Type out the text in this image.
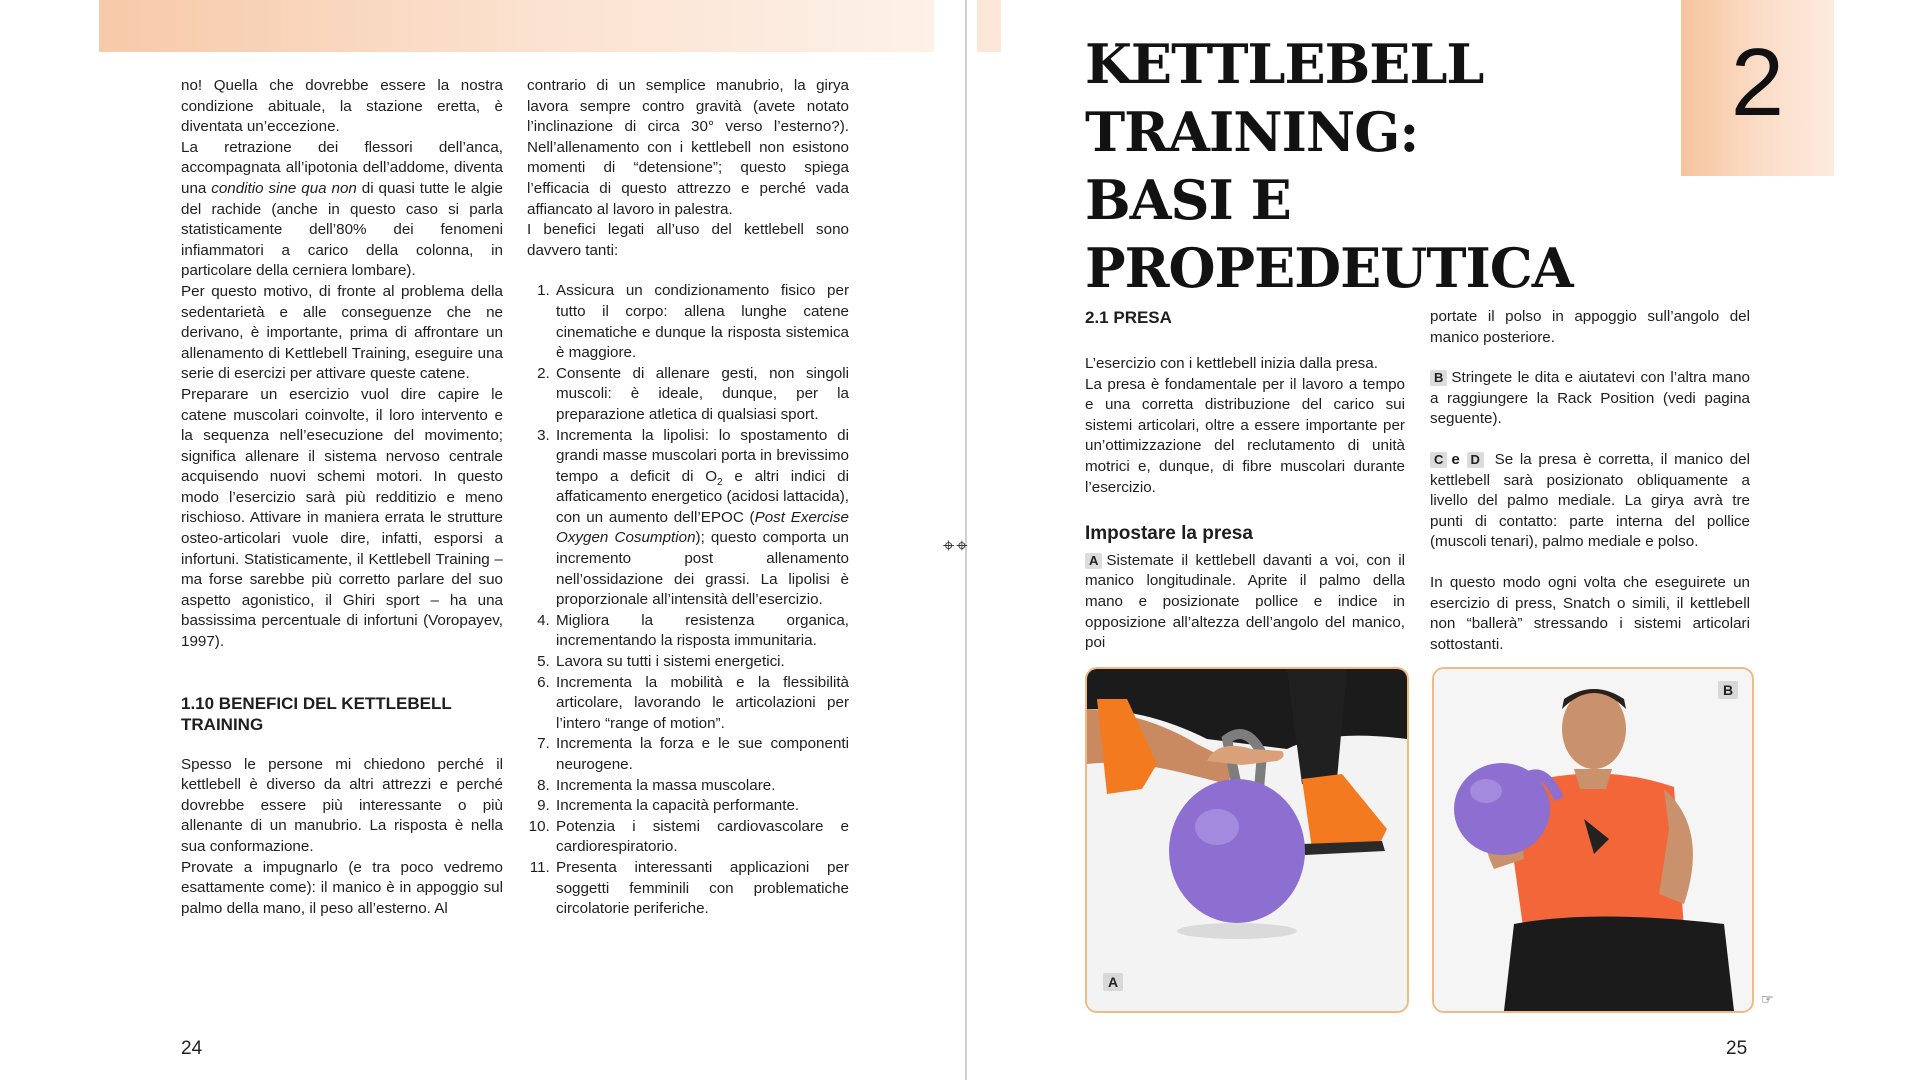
⌖⌖

no! Quella che dovrebbe essere la nostra condizione abituale, la stazione eretta, è diventata un’eccezione.

La retrazione dei flessori dell’anca, accompagnata all’ipotonia dell’addome, diventa una conditio sine qua non di quasi tutte le algie del rachide (anche in questo caso si parla statisticamente dell’80% dei fenomeni infiammatori a carico della colonna, in particolare della cerniera lombare).

Per questo motivo, di fronte al problema della sedentarietà e alle conseguenze che ne derivano, è importante, prima di affrontare un allenamento di Kettlebell Training, eseguire una serie di esercizi per attivare queste catene.

Preparare un esercizio vuol dire capire le catene muscolari coinvolte, il loro intervento e la sequenza nell’esecuzione del movimento; significa allenare il sistema nervoso centrale acquisendo nuovi schemi motori. In questo modo l’esercizio sarà più redditizio e meno rischioso. Attivare in maniera errata le strutture osteo-articolari vuole dire, infatti, esporsi a infortuni. Statisticamente, il Kettlebell Training – ma forse sarebbe più corretto parlare del suo aspetto agonistico, il Ghiri sport – ha una bassissima percentuale di infortuni (Voropayev, 1997).

1.10 BENEFICI DEL KETTLEBELL TRAINING

Spesso le persone mi chiedono perché il kettlebell è diverso da altri attrezzi e perché dovrebbe essere più interessante o più allenante di un manubrio. La risposta è nella sua conformazione.

Provate a impugnarlo (e tra poco vedremo esattamente come): il manico è in appoggio sul palmo della mano, il peso all’esterno. Al

contrario di un semplice manubrio, la girya lavora sempre contro gravità (avete notato l’inclinazione di circa 30° verso l’esterno?). Nell’allenamento con i kettlebell non esistono momenti di “detensione”; questo spiega l’efficacia di questo attrezzo e perché vada affiancato al lavoro in palestra.

I benefici legati all’uso del kettlebell sono davvero tanti:

1. Assicura un condizionamento fisico per tutto il corpo: allena lunghe catene cinematiche e dunque la risposta sistemica è maggiore.
2. Consente di allenare gesti, non singoli muscoli: è ideale, dunque, per la preparazione atletica di qualsiasi sport.
3. Incrementa la lipolisi: lo spostamento di grandi masse muscolari porta in brevissimo tempo a deficit di $O_2$ e altri indici di affaticamento energetico (acidosi lattacida), con un aumento dell’EPOC (Post Exercise Oxygen Cosumption); questo comporta un incremento post allenamento nell’ossidazione dei grassi. La lipolisi è proporzionale all’intensità dell’esercizio.
4. Migliora la resistenza organica, incrementando la risposta immunitaria.
5. Lavora su tutti i sistemi energetici.
6. Incrementa la mobilità e la flessibilità articolare, lavorando le articolazioni per l’intero “range of motion”.
7. Incrementa la forza e le sue componenti neurogene.
8. Incrementa la massa muscolare.
9. Incrementa la capacità performante.
10. Potenzia i sistemi cardiovascolare e cardiorespiratorio.
11. Presenta interessanti applicazioni per soggetti femminili con problematiche circolatorie periferiche.
24
KETTLEBELL TRAINING:
BASI E PROPEDEUTICA
2

2.1 PRESA

L’esercizio con i kettlebell inizia dalla presa.

La presa è fondamentale per il lavoro a tempo e una corretta distribuzione del carico sui sistemi articolari, oltre a essere importante per un’ottimizzazione del reclutamento di unità motrici e, dunque, di fibre muscolari durante l’esercizio.

Impostare la presa

A Sistemate il kettlebell davanti a voi, con il manico longitudinale. Aprite il palmo della mano e posizionate pollice e indice in opposizione all’altezza dell’angolo del manico, poi

portate il polso in appoggio sull’angolo del manico posteriore.

B Stringete le dita e aiutatevi con l’altra mano a raggiungere la Rack Position (vedi pagina seguente).

C e D Se la presa è corretta, il manico del kettlebell sarà posizionato obliquamente a livello del palmo mediale. La girya avrà tre punti di contatto: parte interna del pollice (muscoli tenari), palmo mediale e polso.

In questo modo ogni volta che eseguirete un esercizio di press, Snatch o simili, il kettlebell non “ballerà” stressando i sistemi articolari sottostanti.

A
B
☞
25
